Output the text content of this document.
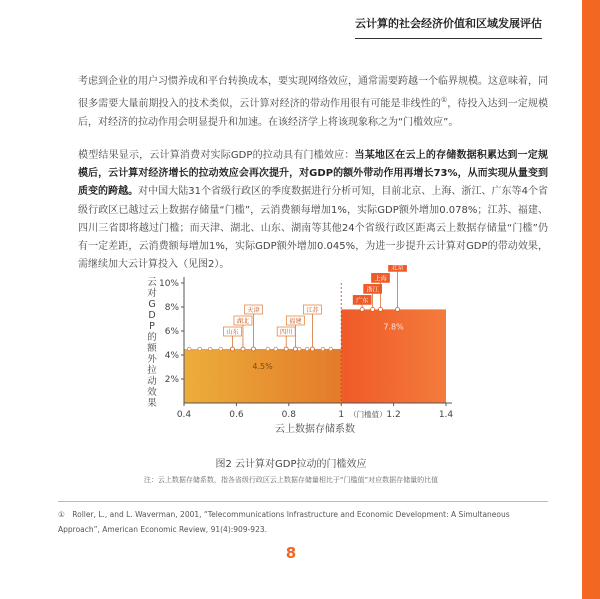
云计算的社会经济价值和区域发展评估
考虑到企业的用户习惯养成和平台转换成本，要实现网络效应，通常需要跨越一个临界规模。这意味着，同很多需要大量前期投入的技术类似，云计算对经济的带动作用很有可能是非线性的①，待投入达到一定规模后，对经济的拉动作用会明显提升和加速。在该经济学上将该现象称之为“门槛效应”。
模型结果显示，云计算消费对实际GDP的拉动具有门槛效应：当某地区在云上的存储数据积累达到一定规模后，云计算对经济增长的拉动效应会再次提升，对GDP的额外带动作用再增长73%，从而实现从量变到质变的跨越。对中国大陆31个省级行政区的季度数据进行分析可知，目前北京、上海、浙江、广东等4个省级行政区已越过云上数据存储量“门槛”，云消费额每增加1%，实际GDP额外增加0.078%；江苏、福建、四川三省即将越过门槛；而天津、湖北、山东、湖南等其他24个省级行政区距离云上数据存储量“门槛”仍有一定差距，云消费额每增加1%，实际GDP额外增加0.045%，为进一步提升云计算对GDP的带动效果，需继续加大云计算投入（见图2）。
4.5%
7.8%
2%
4%
6%
8%
10%
0.4	0.6	0.8	1	1.2	1.4
（门槛值）
云上数据存储系数
云
对
G
D
P
的
额
外
拉
动
效
果
山东
湖北
天津
四川
福建
江苏
广东
浙江
上海
北京
图2 云计算对GDP拉动的门槛效应
注：云上数据存储系数，指各省级行政区云上数据存储量相比于“门槛值”对应数据存储量的比值
①　 Roller, L., and L. Waverman, 2001, “Telecommunications Infrastructure and Economic Development: A Simultaneous Approach”, American Economic Review, 91(4):909-923.
8
